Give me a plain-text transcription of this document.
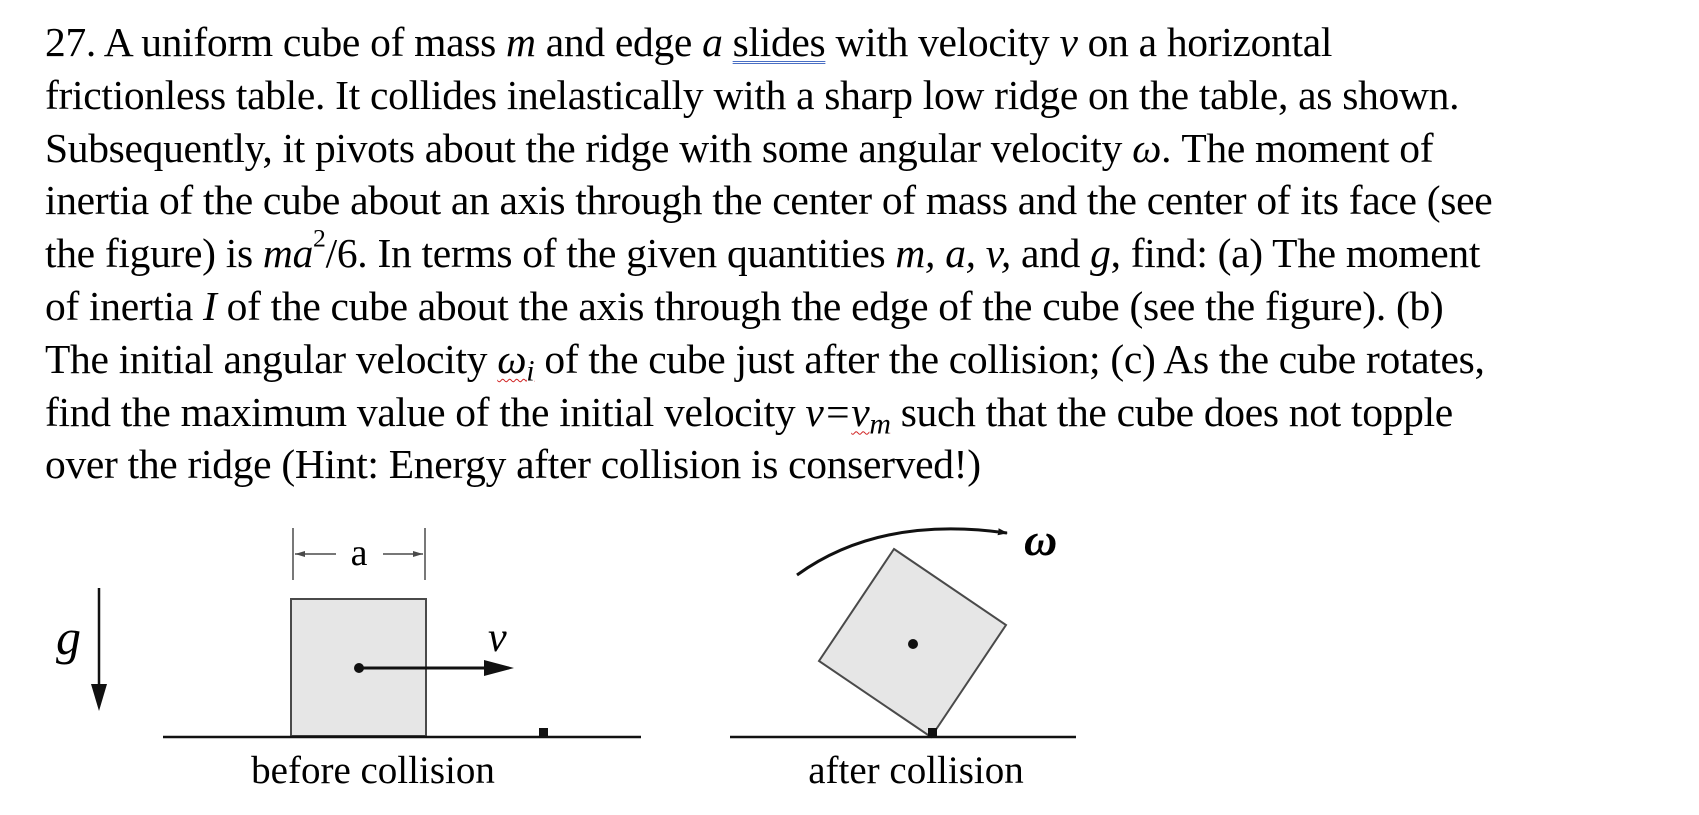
27. A uniform cube of mass m and edge a slides with velocity v on a horizontal
frictionless table. It collides inelastically with a sharp low ridge on the table, as shown.
Subsequently, it pivots about the ridge with some angular velocity ω. The moment of
inertia of the cube about an axis through the center of mass and the center of its face (see
the figure) is $ma^2/6$. In terms of the given quantities m, a, v, and g, find: (a) The moment
of inertia I of the cube about the axis through the edge of the cube (see the figure). (b)
The initial angular velocity $\omega_i$ of the cube just after the collision; (c) As the cube rotates,
find the maximum value of the initial velocity $v=v_m$ such that the cube does not topple
over the ridge (Hint: Energy after collision is conserved!)
g
a
v
before collision
ω
after collision
